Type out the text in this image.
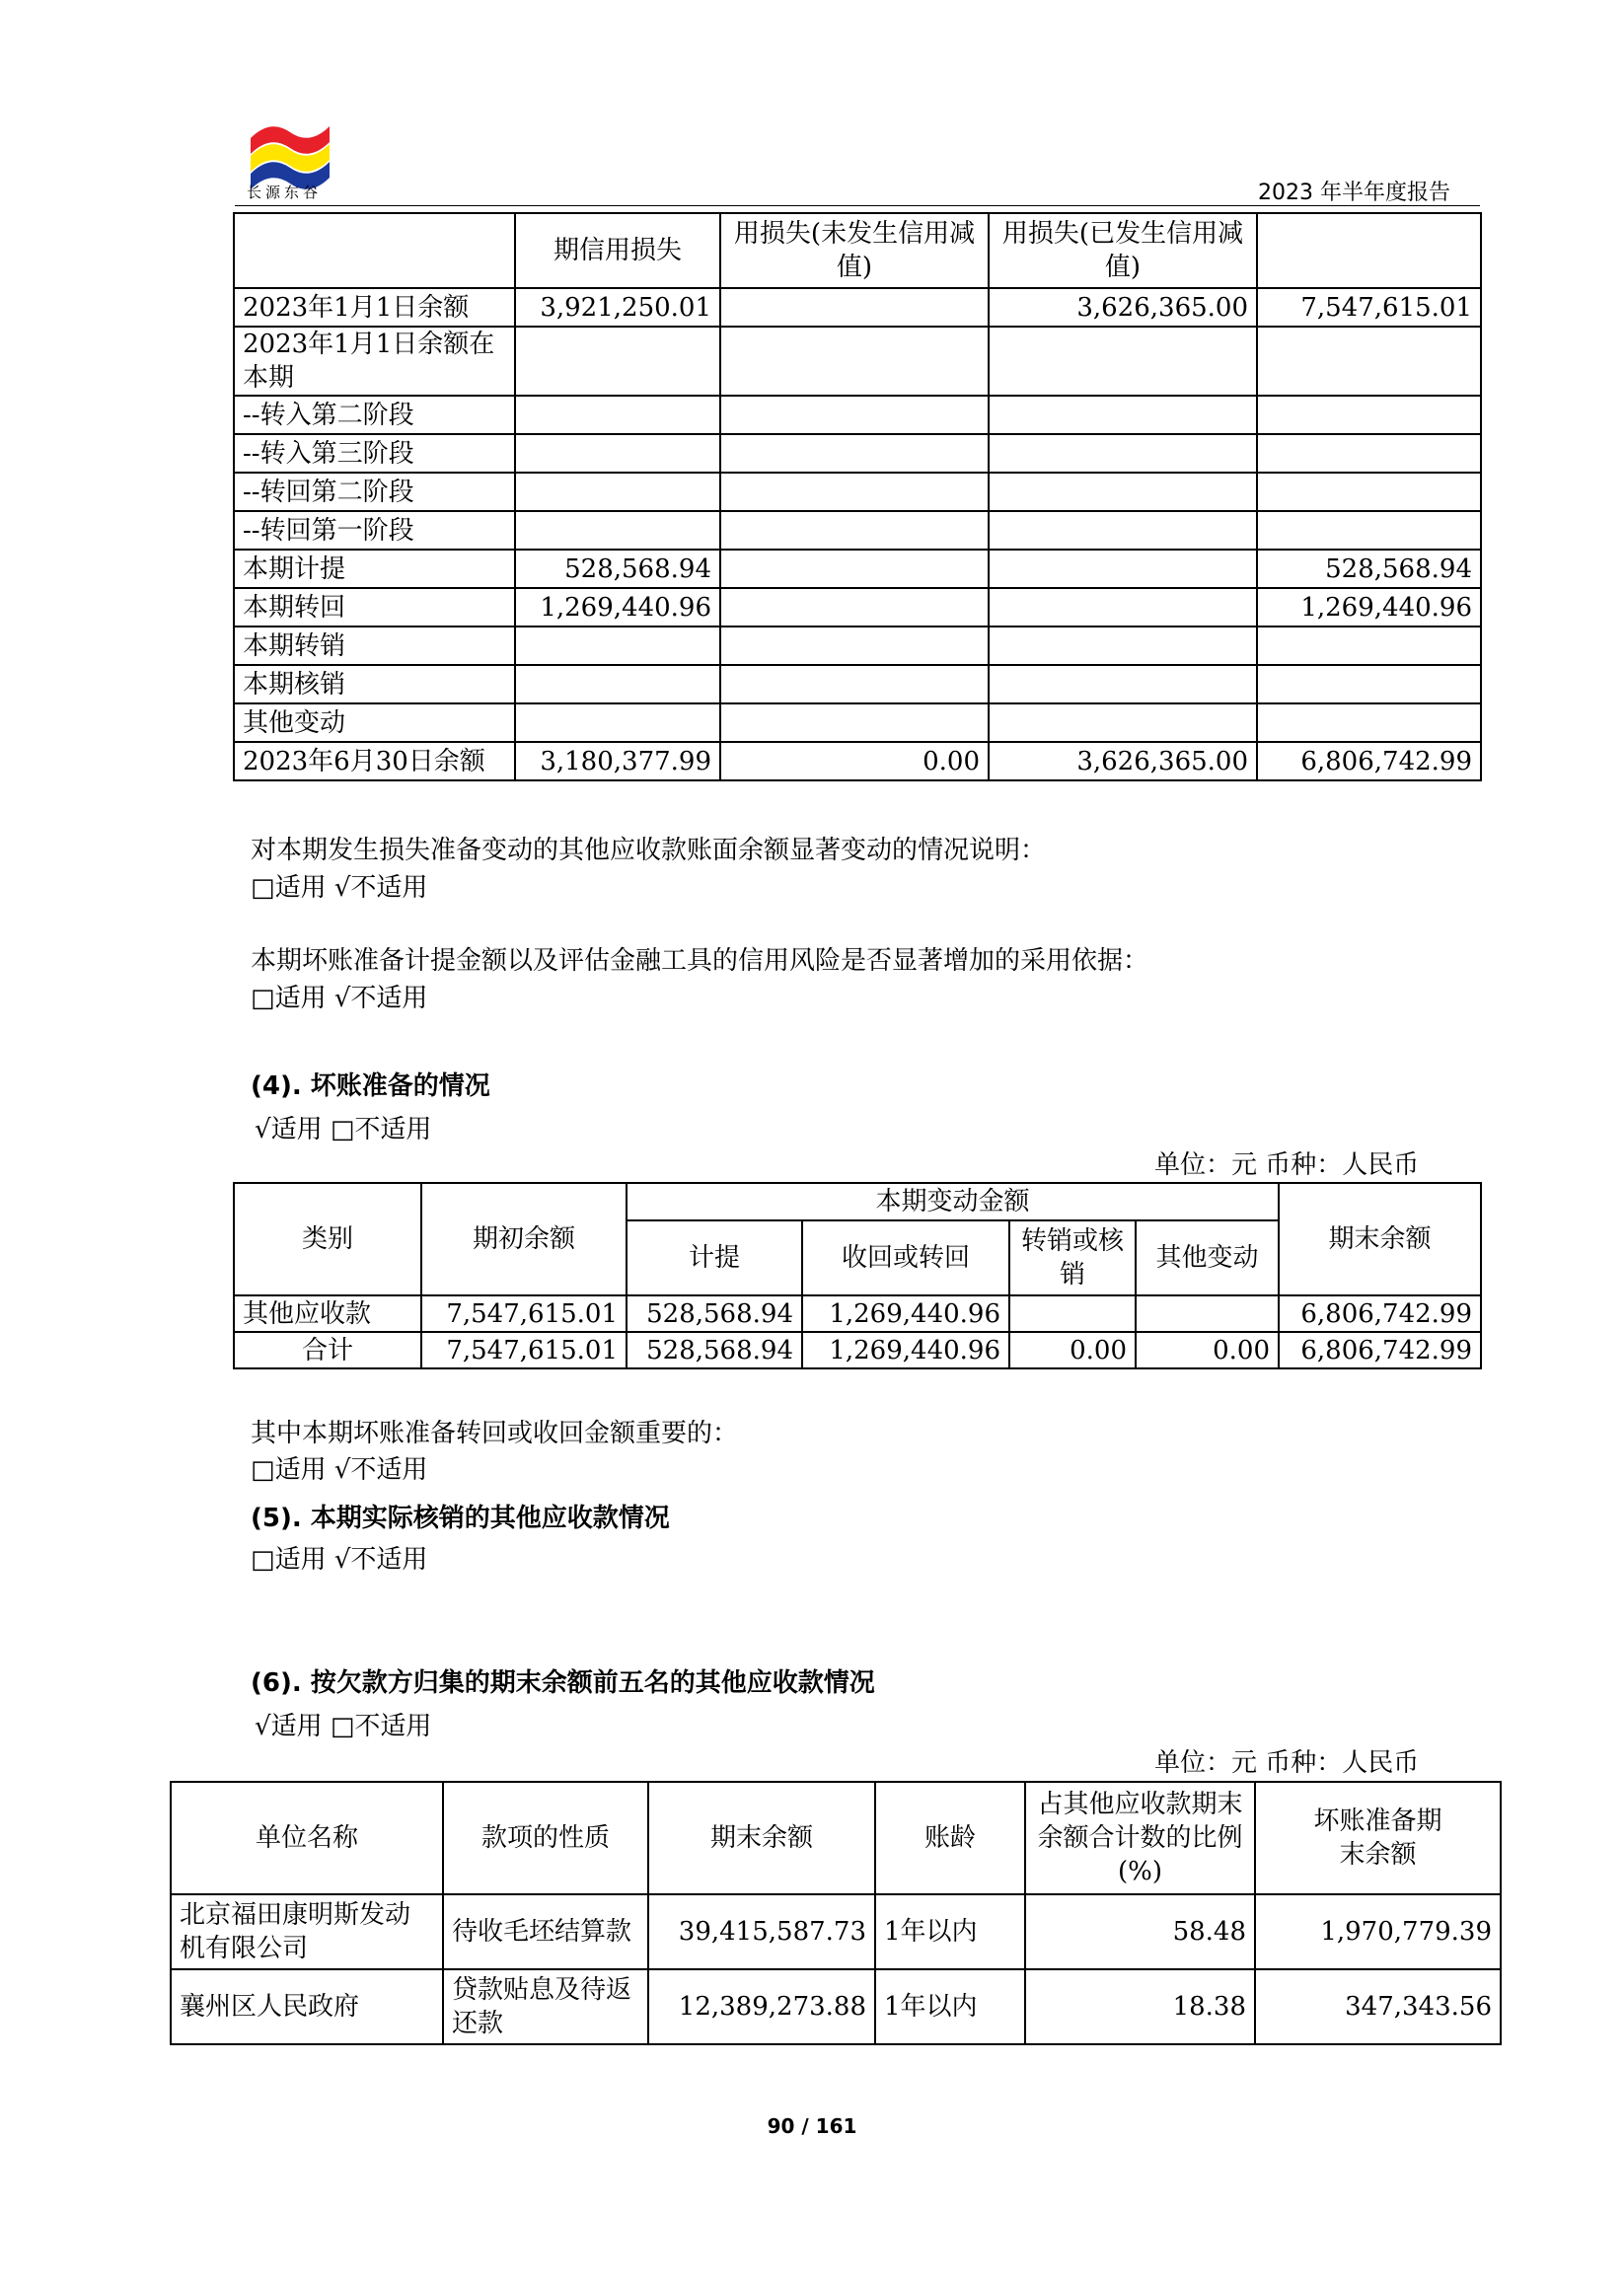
长源东谷	2023 年半年度报告
	期信用损失	用损失(未发生信用减值)	用损失(已发生信用减值)	
2023年1月1日余额	3,921,250.01		3,626,365.00	7,547,615.01
2023年1月1日余额在本期				
--转入第二阶段				
--转入第三阶段				
--转回第二阶段				
--转回第一阶段				
本期计提	528,568.94			528,568.94
本期转回	1,269,440.96			1,269,440.96
本期转销				
本期核销				
其他变动				
2023年6月30日余额	3,180,377.99	0.00	3,626,365.00	6,806,742.99
对本期发生损失准备变动的其他应收款账面余额显著变动的情况说明：
□适用 √不适用
本期坏账准备计提金额以及评估金融工具的信用风险是否显著增加的采用依据：
□适用 √不适用
(4). 坏账准备的情况
√适用 □不适用
单位：元 币种：人民币
类别	期初余额	本期变动金额				期末余额
		计提	收回或转回	转销或核销	其他变动	
其他应收款	7,547,615.01	528,568.94	1,269,440.96			6,806,742.99
合计	7,547,615.01	528,568.94	1,269,440.96	0.00	0.00	6,806,742.99
其中本期坏账准备转回或收回金额重要的：
□适用 √不适用
(5). 本期实际核销的其他应收款情况
□适用 √不适用
(6). 按欠款方归集的期末余额前五名的其他应收款情况
√适用 □不适用
单位：元 币种：人民币
单位名称	款项的性质	期末余额	账龄	占其他应收款期末余额合计数的比例(%)	坏账准备期末余额
北京福田康明斯发动机有限公司	待收毛坯结算款	39,415,587.73	1年以内	58.48	1,970,779.39
襄州区人民政府	贷款贴息及待返还款	12,389,273.88	1年以内	18.38	347,343.56
90 / 161
